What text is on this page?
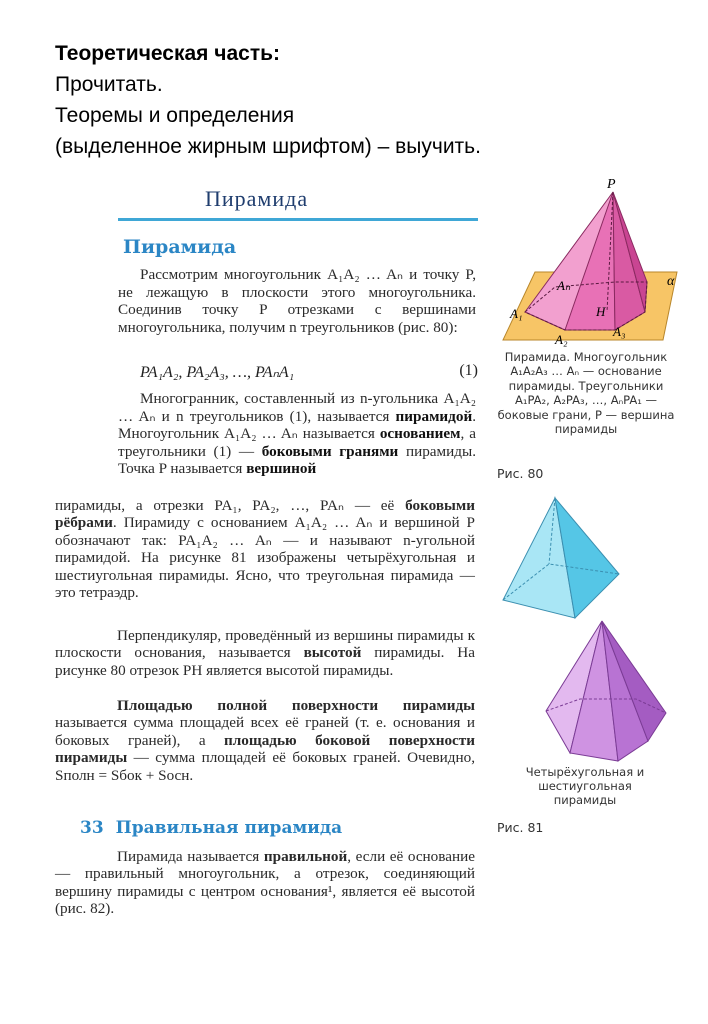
Теоретическая часть:
Прочитать.
Теоремы и определения
(выделенное жирным шрифтом) – выучить.
Пирамида
Пирамида

Рассмотрим многоугольник A₁A₂ … Aₙ и точку P, не лежащую в плоскости этого многоугольника. Соединив точку P отрезками с вершинами многоугольника, получим n треугольников (рис. 80):

PA₁A₂, PA₂A₃, …, PAₙA₁	(1)

Многогранник, составленный из n-угольника A₁A₂ … Aₙ и n треугольников (1), называется пирамидой. Многоугольник A₁A₂ … Aₙ называется основанием, а треугольники (1) — боковыми гранями пирамиды. Точка P называется вершиной

пирамиды, а отрезки PA₁, PA₂, …, PAₙ — её боковыми рёбрами. Пирамиду с основанием A₁A₂ … Aₙ и вершиной P обозначают так: PA₁A₂ … Aₙ — и называют n-угольной пирамидой. На рисунке 81 изображены четырёхугольная и шестиугольная пирамиды. Ясно, что треугольная пирамида — это тетраэдр.

Перпендикуляр, проведённый из вершины пирамиды к плоскости основания, называется высотой пирамиды. На рисунке 80 отрезок PH является высотой пирамиды.

Площадью полной поверхности пирамиды называется сумма площадей всех её граней (т. е. основания и боковых граней), а площадью боковой поверхности пирамиды — сумма площадей её боковых граней. Очевидно, Sполн = Sбок + Sосн.

33 Правильная пирамида

Пирамида называется правильной, если её основание — правильный многоугольник, а отрезок, соединяющий вершину пирамиды с центром основания¹, является её высотой (рис. 82).

P
Aₙ
H
α
A₁
A₂
A₃
Пирамида. Многоугольник A₁A₂A₃ … Aₙ — основание пирамиды. Треугольники A₁PA₂, A₂PA₃, …, AₙPA₁ — боковые грани, P — вершина пирамиды
Рис. 80
Четырёхугольная и шестиугольная пирамиды
Рис. 81
